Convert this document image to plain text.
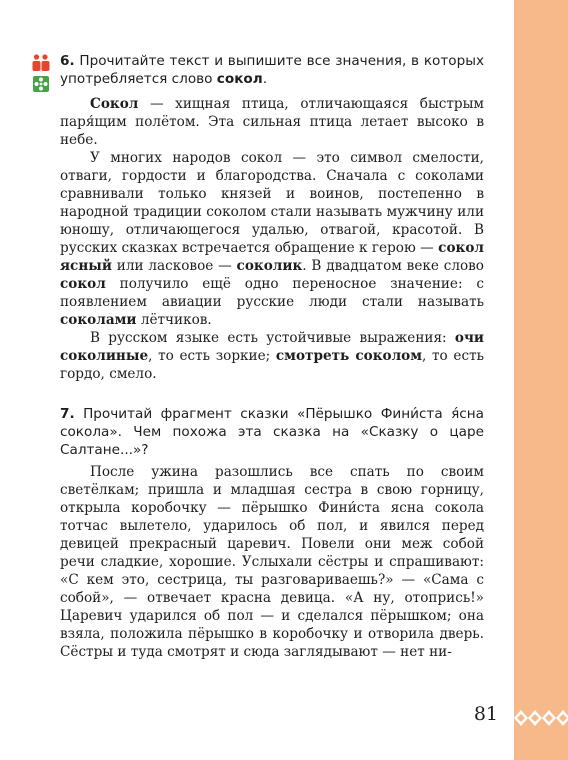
6. Прочитайте текст и выпишите все значения, в которых употребляется слово сокол.

Сокол — хищная птица, отличающаяся быстрым паря́щим полётом. Эта сильная птица летает высоко в небе.

У многих народов сокол — это символ смелости, отваги, гордости и благородства. Сначала с соколами сравнивали только князей и воинов, постепенно в народной традиции соколом стали называть мужчину или юношу, отличающегося удалью, отвагой, красотой. В русских сказках встречается обращение к герою — сокол ясный или ласковое — соколик. В двадцатом веке слово сокол получило ещё одно переносное значение: с появлением авиации русские люди стали называть соколами лётчиков.

В русском языке есть устойчивые выражения: очи соколиные, то есть зоркие; смотреть соколом, то есть гордо, смело.

7. Прочитай фрагмент сказки «Пёрышко Фини́ста я́сна сокола». Чем похожа эта сказка на «Сказку о царе Салтане...»?

После ужина разошлись все спать по своим светёлкам; пришла и младшая сестра в свою горницу, открыла коробочку — пёрышко Фини́ста ясна сокола тотчас вылетело, ударилось об пол, и явился перед девицей прекрасный царевич. Повели они меж собой речи сладкие, хорошие. Услыхали сёстры и спрашивают: «С кем это, сестрица, ты разговариваешь?» — «Сама с собой», — отвечает красна девица. «А ну, отопрись!» Царевич ударился об пол — и сделался пёрышком; она взяла, положила пёрышко в коробочку и отворила дверь. Сёстры и туда смотрят и сюда заглядывают — нет ни-

81
